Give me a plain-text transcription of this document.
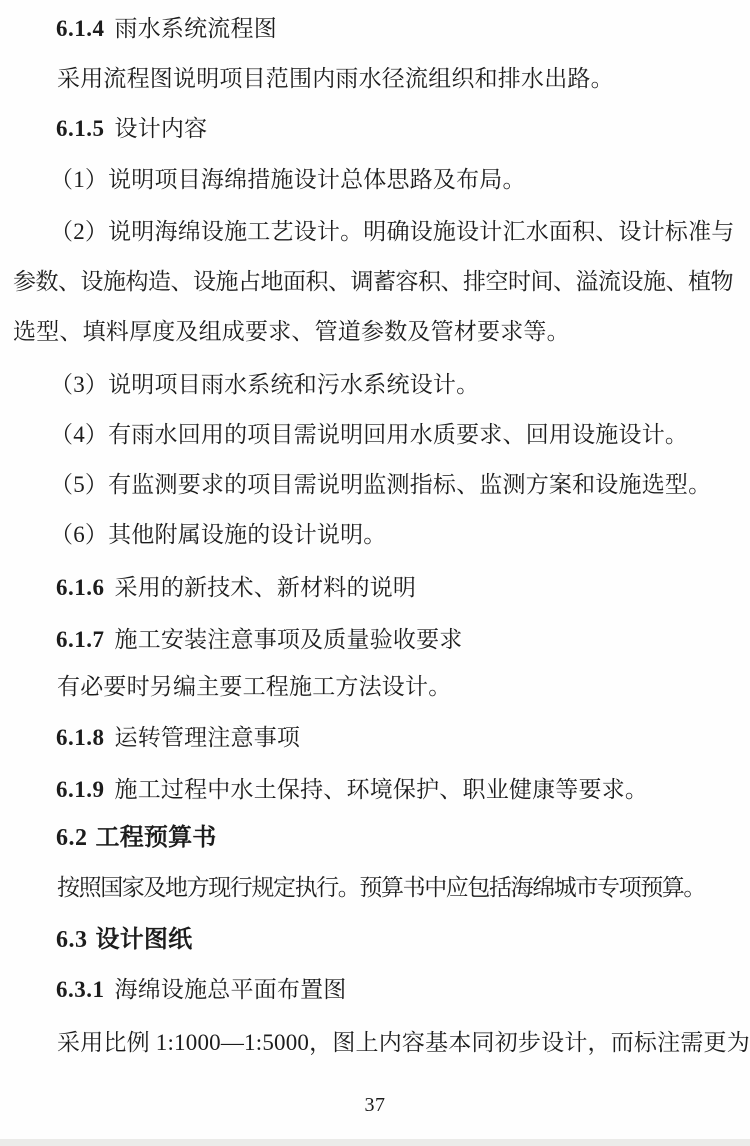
6.1.4 雨水系统流程图
采用流程图说明项目范围内雨水径流组织和排水出路。
6.1.5 设计内容
（1）说明项目海绵措施设计总体思路及布局。
（2）说明海绵设施工艺设计。明确设施设计汇水面积、设计标准与
参数、设施构造、设施占地面积、调蓄容积、排空时间、溢流设施、植物
选型、填料厚度及组成要求、管道参数及管材要求等。
（3）说明项目雨水系统和污水系统设计。
（4）有雨水回用的项目需说明回用水质要求、回用设施设计。
（5）有监测要求的项目需说明监测指标、监测方案和设施选型。
（6）其他附属设施的设计说明。
6.1.6 采用的新技术、新材料的说明
6.1.7 施工安装注意事项及质量验收要求
有必要时另编主要工程施工方法设计。
6.1.8 运转管理注意事项
6.1.9 施工过程中水土保持、环境保护、职业健康等要求。
6.2 工程预算书
按照国家及地方现行规定执行。预算书中应包括海绵城市专项预算。
6.3 设计图纸
6.3.1 海绵设施总平面布置图
采用比例 1:1000—1:5000，图上内容基本同初步设计，而标注需更为
37
